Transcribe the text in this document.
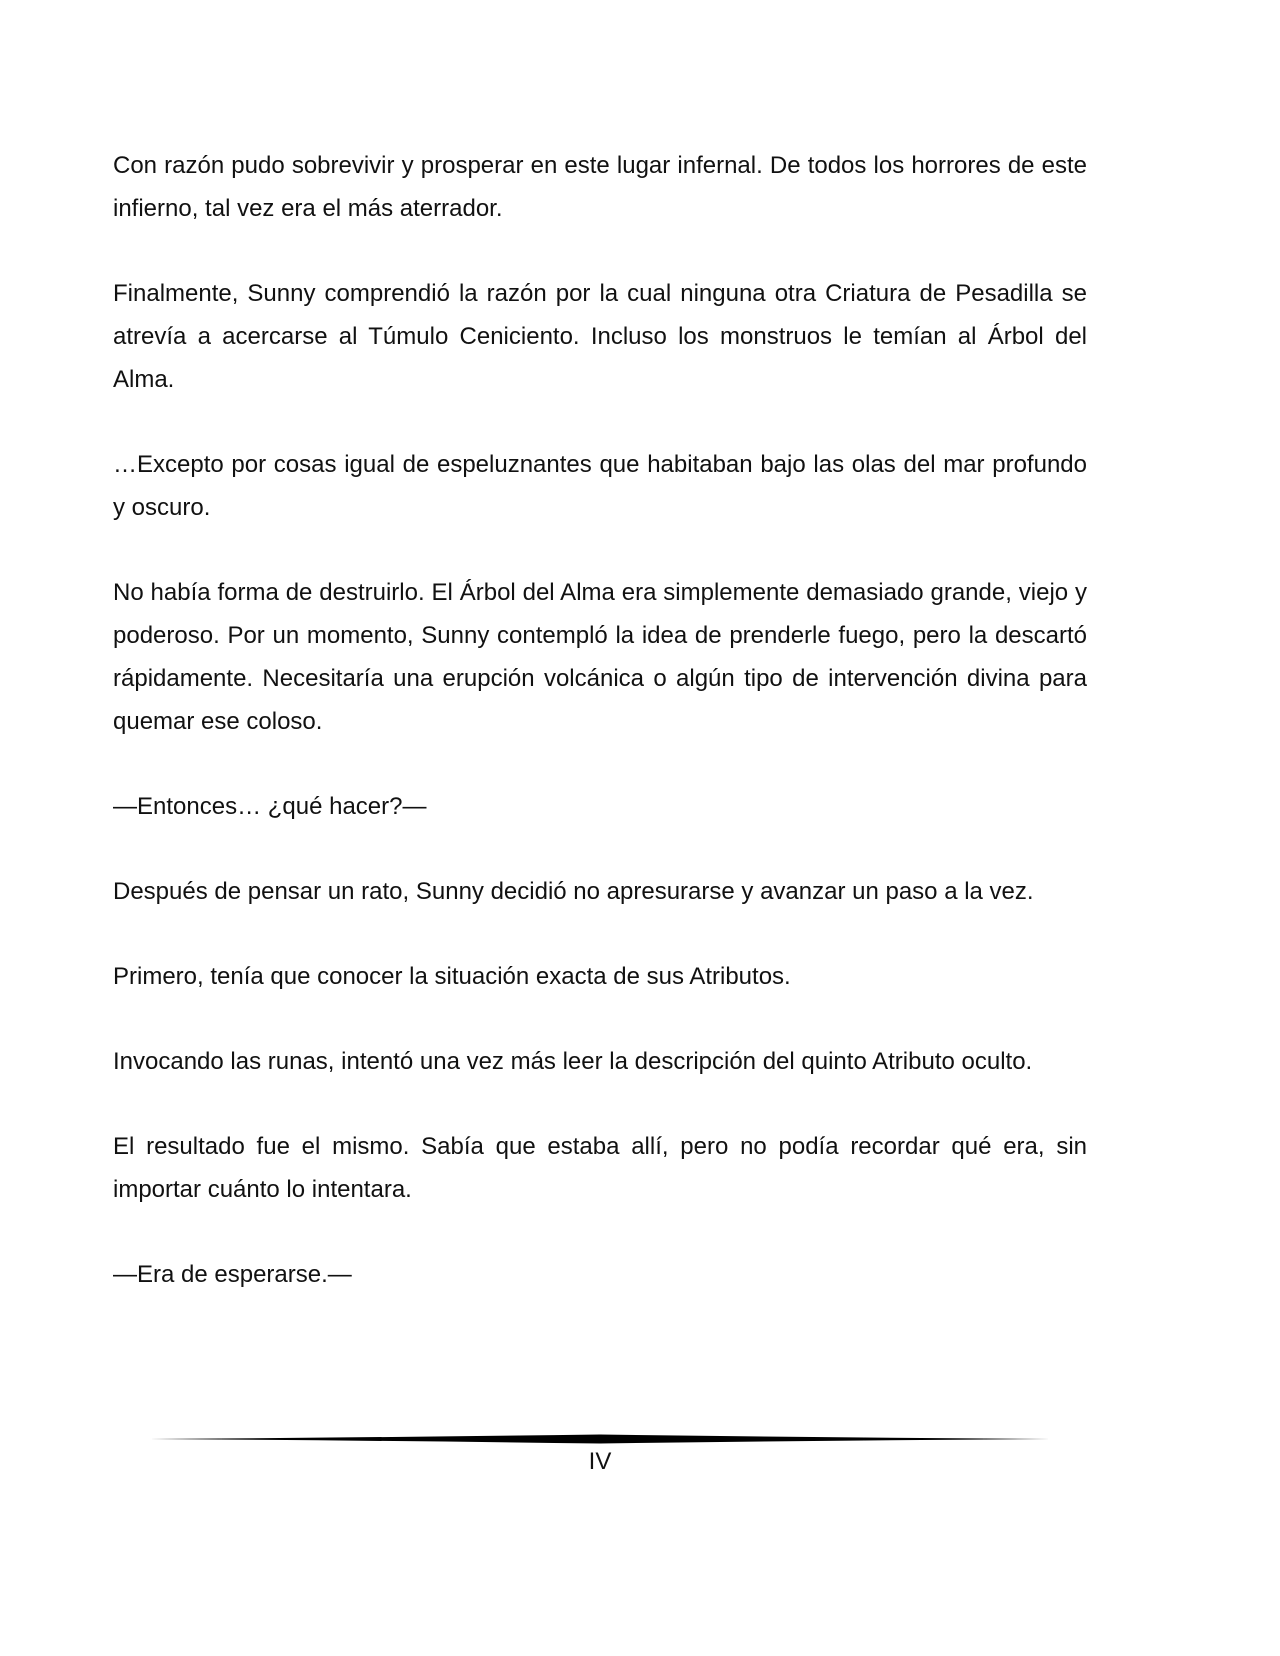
Con razón pudo sobrevivir y prosperar en este lugar infernal. De todos los horrores de este infierno, tal vez era el más aterrador.

Finalmente, Sunny comprendió la razón por la cual ninguna otra Criatura de Pesadilla se atrevía a acercarse al Túmulo Ceniciento. Incluso los monstruos le temían al Árbol del Alma.

…Excepto por cosas igual de espeluznantes que habitaban bajo las olas del mar profundo y oscuro.

No había forma de destruirlo. El Árbol del Alma era simplemente demasiado grande, viejo y poderoso. Por un momento, Sunny contempló la idea de prenderle fuego, pero la descartó rápidamente. Necesitaría una erupción volcánica o algún tipo de intervención divina para quemar ese coloso.

—Entonces… ¿qué hacer?—

Después de pensar un rato, Sunny decidió no apresurarse y avanzar un paso a la vez.

Primero, tenía que conocer la situación exacta de sus Atributos.

Invocando las runas, intentó una vez más leer la descripción del quinto Atributo oculto.

El resultado fue el mismo. Sabía que estaba allí, pero no podía recordar qué era, sin importar cuánto lo intentara.

—Era de esperarse.—

IV
